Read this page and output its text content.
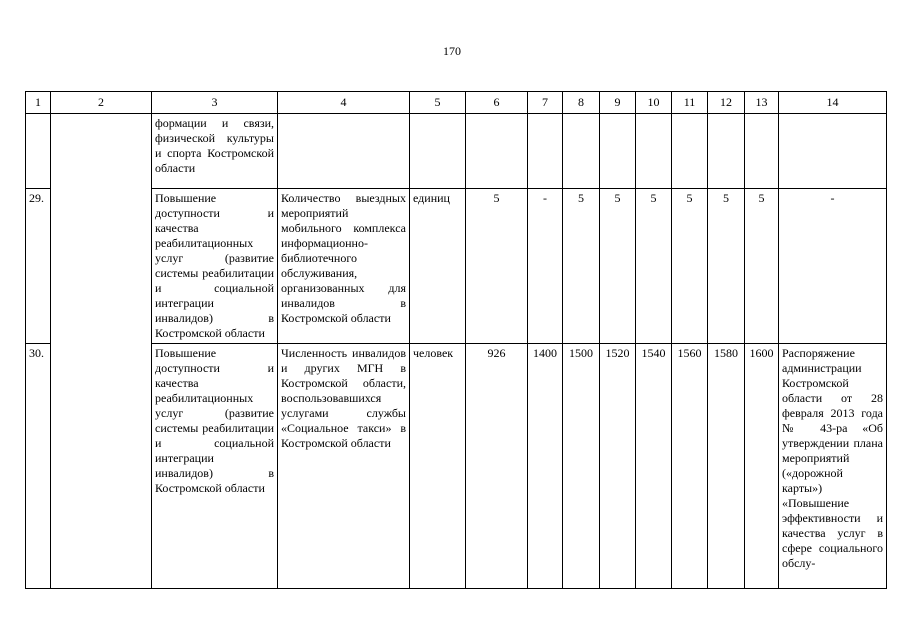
170
1	2	3	4	5	6	7	8	9	10	11	12	13	14
		формации и связи, физической культуры и спорта Костромской области											
29.		Повышение доступности и качества реабилитационных услуг (развитие системы реабилитации и социальной интеграции инвалидов) в Костромской области	Количество выездных мероприятий мобильного комплекса информационно-библиотечного обслуживания, организованных для инвалидов в Костромской области	единиц	5	-	5	5	5	5	5	5	-
30.		Повышение доступности и качества реабилитационных услуг (развитие системы реабилитации и социальной интеграции инвалидов) в Костромской области	Численность инвалидов и других МГН в Костромской области, воспользовавшихся услугами службы «Социальное такси» в Костромской области	человек	926	1400	1500	1520	1540	1560	1580	1600	Распоряжение администрации Костромской области от 28 февраля 2013 года № 43-ра «Об утверждении плана мероприятий («дорожной карты») «Повышение эффективности и качества услуг в сфере социального обслу-
